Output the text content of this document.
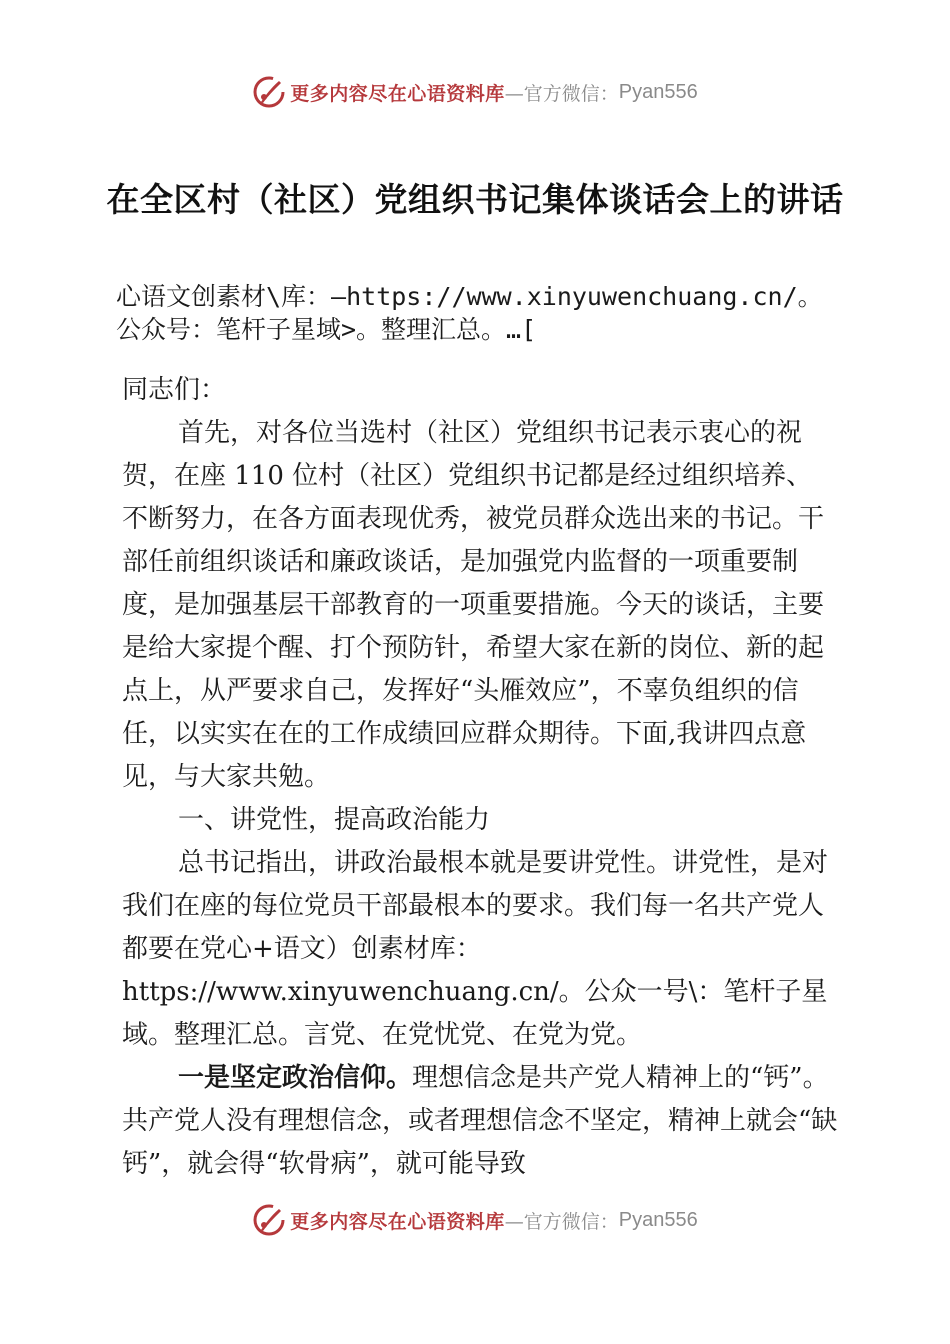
更多内容尽在心语资料库 —官方微信： Pyan556
在全区村（社区）党组织书记集体谈话会上的讲话
心语文创素材\库：—https://www.xinyuwenchuang.cn/。
公众号：笔杆子星域>。整理汇总。…[

同志们：

首先，对各位当选村（社区）党组织书记表示衷心的祝贺，在座 110 位村（社区）党组织书记都是经过组织培养、不断努力，在各方面表现优秀，被党员群众选出来的书记。干部任前组织谈话和廉政谈话，是加强党内监督的一项重要制度，是加强基层干部教育的一项重要措施。今天的谈话，主要是给大家提个醒、打个预防针，希望大家在新的岗位、新的起点上，从严要求自己，发挥好“头雁效应”，不辜负组织的信任，以实实在在的工作成绩回应群众期待。下面,我讲四点意见，与大家共勉。

一、讲党性，提高政治能力

总书记指出，讲政治最根本就是要讲党性。讲党性，是对我们在座的每位党员干部最根本的要求。我们每一名共产党人都要在党心+语文）创素材库：https://www.xinyuwenchuang.cn/。公众一号\：笔杆子星域。整理汇总。言党、在党忧党、在党为党。

一是坚定政治信仰。理想信念是共产党人精神上的“钙”。共产党人没有理想信念，或者理想信念不坚定，精神上就会“缺钙”，就会得“软骨病”，就可能导致

更多内容尽在心语资料库 —官方微信： Pyan556
